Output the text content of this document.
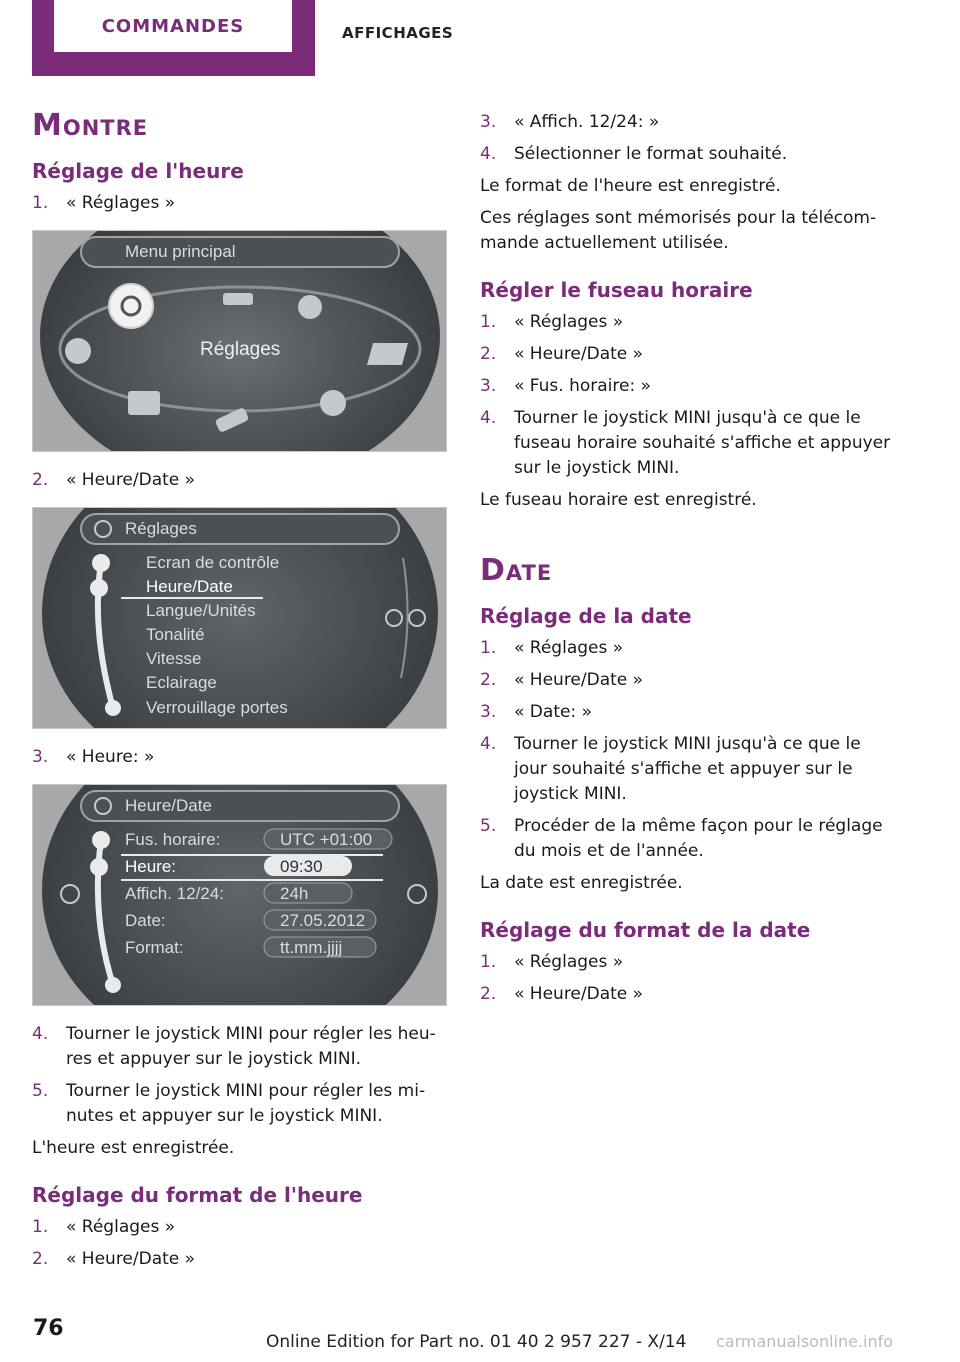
COMMANDES	AFFICHAGES
Montre
Réglage de l'heure
1.	« Réglages »
Menu principal
Réglages
2.	« Heure/Date »
Réglages
Ecran de contrôle
Heure/Date
Langue/Unités
Tonalité
Vitesse
Eclairage
Verrouillage portes
3.	« Heure: »
Heure/Date
Fus. horaire:	UTC +01:00
Heure:	09:30
Affich. 12/24:	24h
Date:	27.05.2012
Format:	tt.mm.jjjj
4.	Tourner le joystick MINI pour régler les heu‐ res et appuyer sur le joystick MINI.
5.	Tourner le joystick MINI pour régler les mi‐ nutes et appuyer sur le joystick MINI.
L'heure est enregistrée.
Réglage du format de l'heure
1.	« Réglages »
2.	« Heure/Date »
3.	« Affich. 12/24: »
4.	Sélectionner le format souhaité.
Le format de l'heure est enregistré.
Ces réglages sont mémorisés pour la télécom‐ mande actuellement utilisée.
Régler le fuseau horaire
1.	« Réglages »
2.	« Heure/Date »
3.	« Fus. horaire: »
4.	Tourner le joystick MINI jusqu'à ce que le fuseau horaire souhaité s'affiche et appuyer sur le joystick MINI.
Le fuseau horaire est enregistré.
Date
Réglage de la date
1.	« Réglages »
2.	« Heure/Date »
3.	« Date: »
4.	Tourner le joystick MINI jusqu'à ce que le jour souhaité s'affiche et appuyer sur le joystick MINI.
5.	Procéder de la même façon pour le réglage du mois et de l'année.
La date est enregistrée.
Réglage du format de la date
1.	« Réglages »
2.	« Heure/Date »
76
Online Edition for Part no. 01 40 2 957 227 - X/14 carmanualsonline.info
